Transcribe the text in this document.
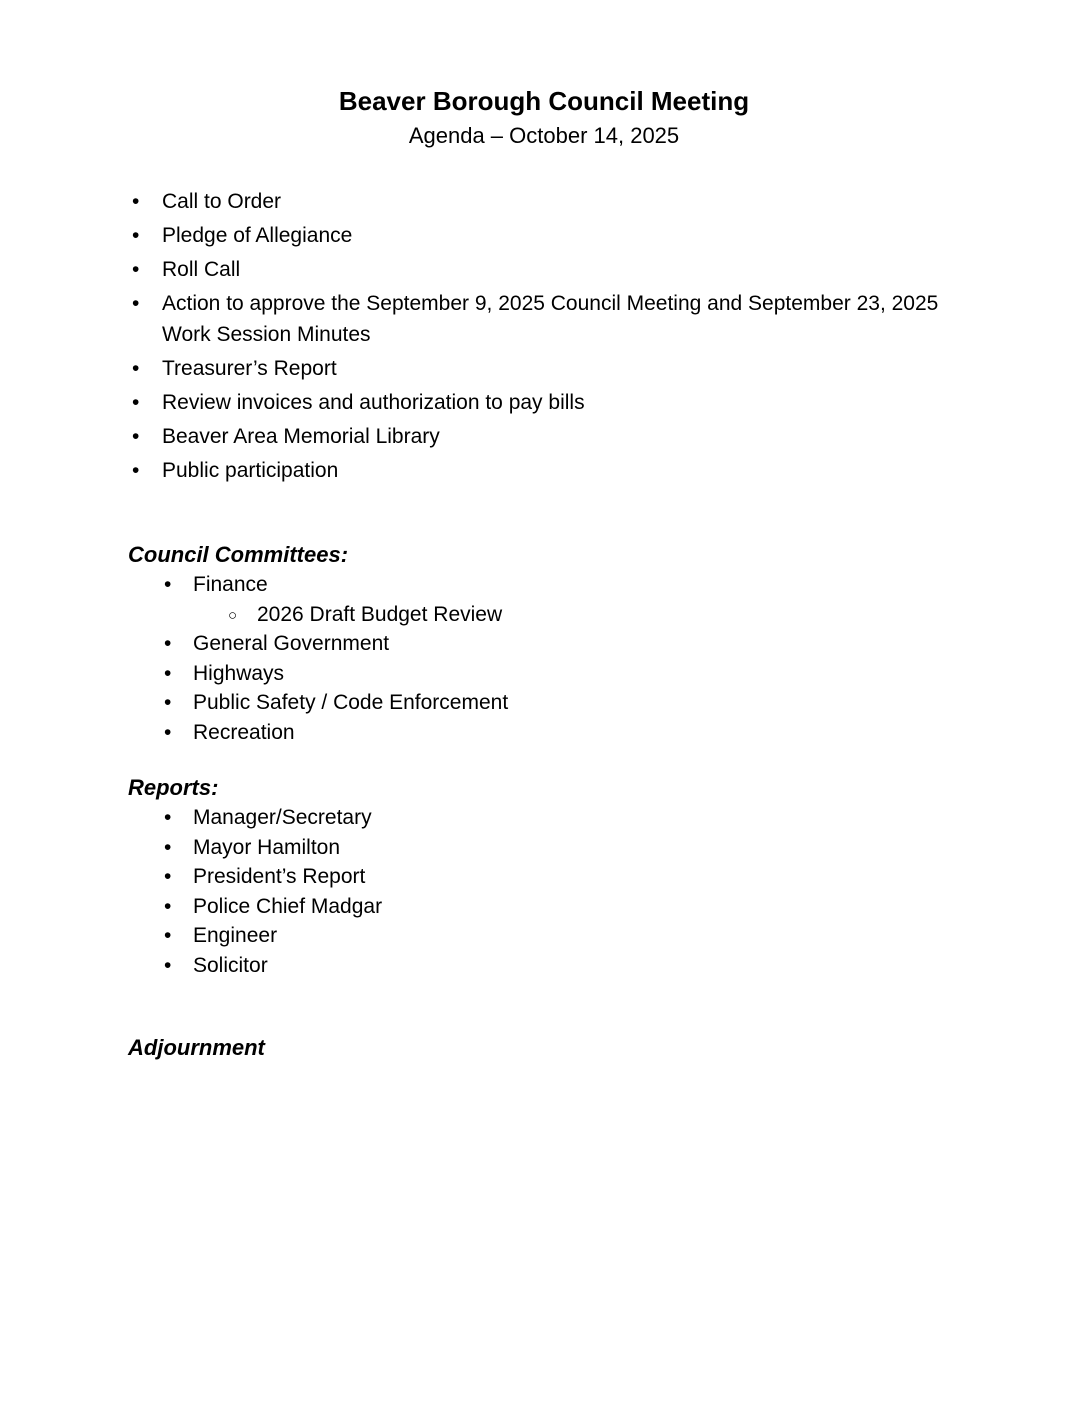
Beaver Borough Council Meeting
Agenda – October 14, 2025
• Call to Order
• Pledge of Allegiance
• Roll Call
• Action to approve the September 9, 2025 Council Meeting and September 23, 2025 Work Session Minutes
• Treasurer’s Report
• Review invoices and authorization to pay bills
• Beaver Area Memorial Library
• Public participation
Council Committees:
• Finance
○ 2026 Draft Budget Review
• General Government
• Highways
• Public Safety / Code Enforcement
• Recreation
Reports:
• Manager/Secretary
• Mayor Hamilton
• President’s Report
• Police Chief Madgar
• Engineer
• Solicitor
Adjournment
